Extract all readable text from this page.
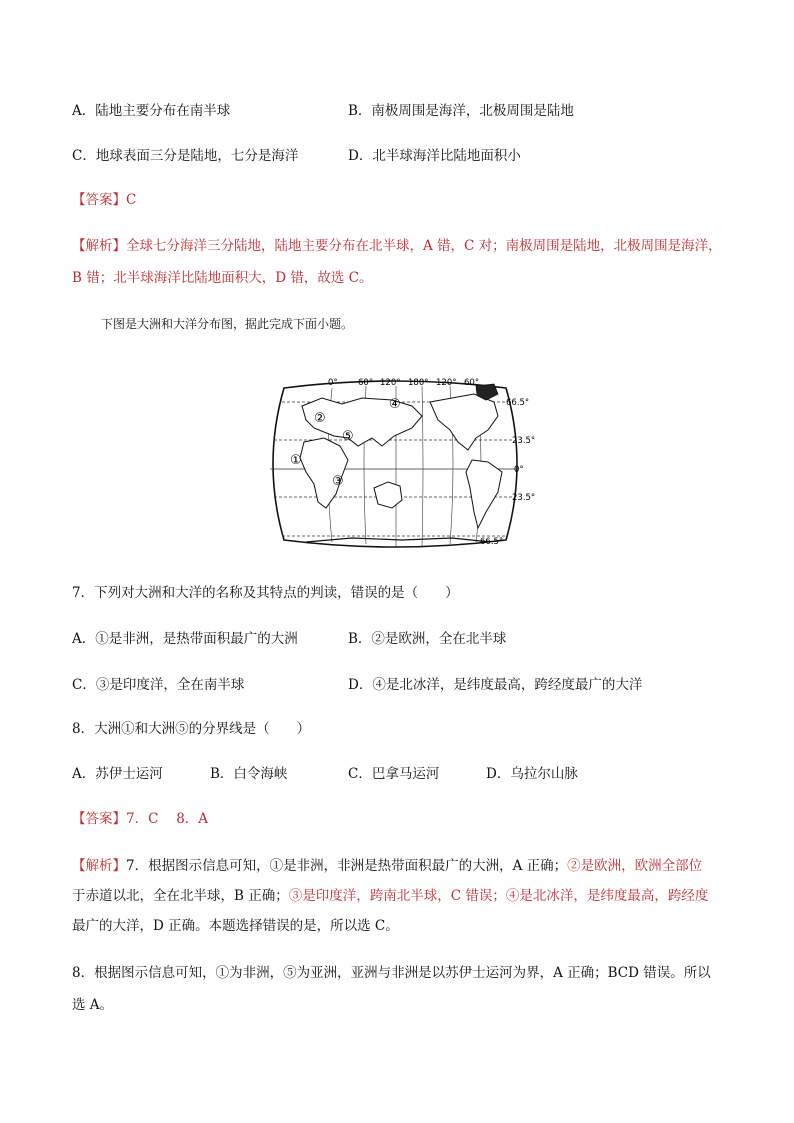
A．陆地主要分布在南半球	B．南极周围是海洋，北极周围是陆地
C．地球表面三分是陆地，七分是海洋	D．北半球海洋比陆地面积小
【答案】C
【解析】全球七分海洋三分陆地，陆地主要分布在北半球，A 错，C 对；南极周围是陆地，北极周围是海洋，
B 错；北半球海洋比陆地面积大，D 错，故选 C。
下图是大洲和大洋分布图，据此完成下面小题。
0° 60° 120° 180° 120° 60°
66.5°
23.5°
0°
23.5°
66.5°
①
②
③
④
⑤
7．下列对大洲和大洋的名称及其特点的判读，错误的是（　　）
A．①是非洲，是热带面积最广的大洲	B．②是欧洲，全在北半球
C．③是印度洋，全在南半球	D．④是北冰洋，是纬度最高，跨经度最广的大洋
8．大洲①和大洲⑤的分界线是（　　）
A．苏伊士运河	B．白令海峡	C．巴拿马运河	D．乌拉尔山脉
【答案】7．C　 8．A
【解析】7．根据图示信息可知，①是非洲，非洲是热带面积最广的大洲，A 正确；②是欧洲，欧洲全部位
于赤道以北，全在北半球，B 正确；③是印度洋，跨南北半球，C 错误；④是北冰洋，是纬度最高，跨经度
最广的大洋，D 正确。本题选择错误的是，所以选 C。
8．根据图示信息可知，①为非洲，⑤为亚洲，亚洲与非洲是以苏伊士运河为界，A 正确；BCD 错误。所以
选 A。
